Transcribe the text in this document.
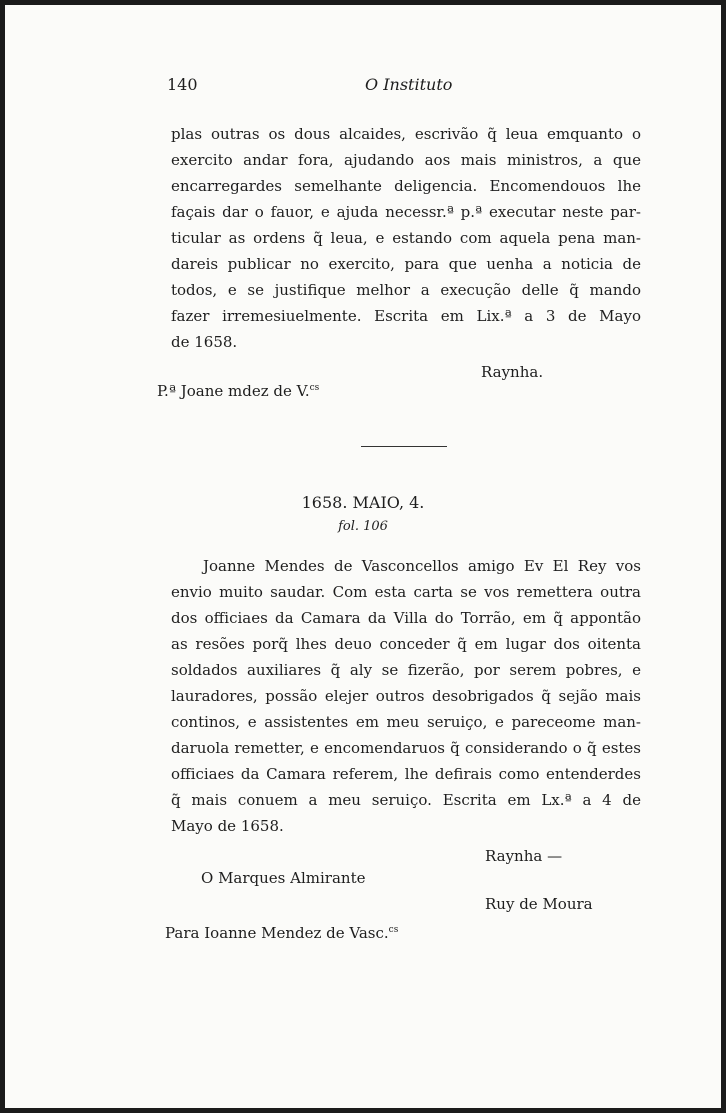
140	O Instituto
plas outras os dous alcaides, escrivão q̃ leua emquanto o
exercito andar fora, ajudando aos mais ministros, a que
encarregardes semelhante deligencia. Encomendouos lhe
façais dar o fauor, e ajuda necessr.ª p.ª executar neste par-
ticular as ordens q̃ leua, e estando com aquela pena man-
dareis publicar no exercito, para que uenha a noticia de
todos, e se justifique melhor a execução delle q̃ mando
fazer irremesiuelmente. Escrita em Lix.ª a 3 de Mayo
de 1658.
Raynha.
P.ª Joane mdez de V.$^{cs}$
1658. MAIO, 4.
fol. 106
Joanne Mendes de Vasconcellos amigo Ev El Rey vos
envio muito saudar. Com esta carta se vos remettera outra
dos officiaes da Camara da Villa do Torrão, em q̃ appontão
as resões porq̃ lhes deuo conceder q̃ em lugar dos oitenta
soldados auxiliares q̃ aly se fizerão, por serem pobres, e
lauradores, possão elejer outros desobrigados q̃ sejão mais
continos, e assistentes em meu seruiço, e pareceome man-
daruola remetter, e encomendaruos q̃ considerando o q̃ estes
officiaes da Camara referem, lhe defirais como entenderdes
q̃ mais conuem a meu seruiço. Escrita em Lx.ª a 4 de
Mayo de 1658.
Raynha —
O Marques Almirante
Ruy de Moura
Para Ioanne Mendez de Vasc.$^{cs}$
